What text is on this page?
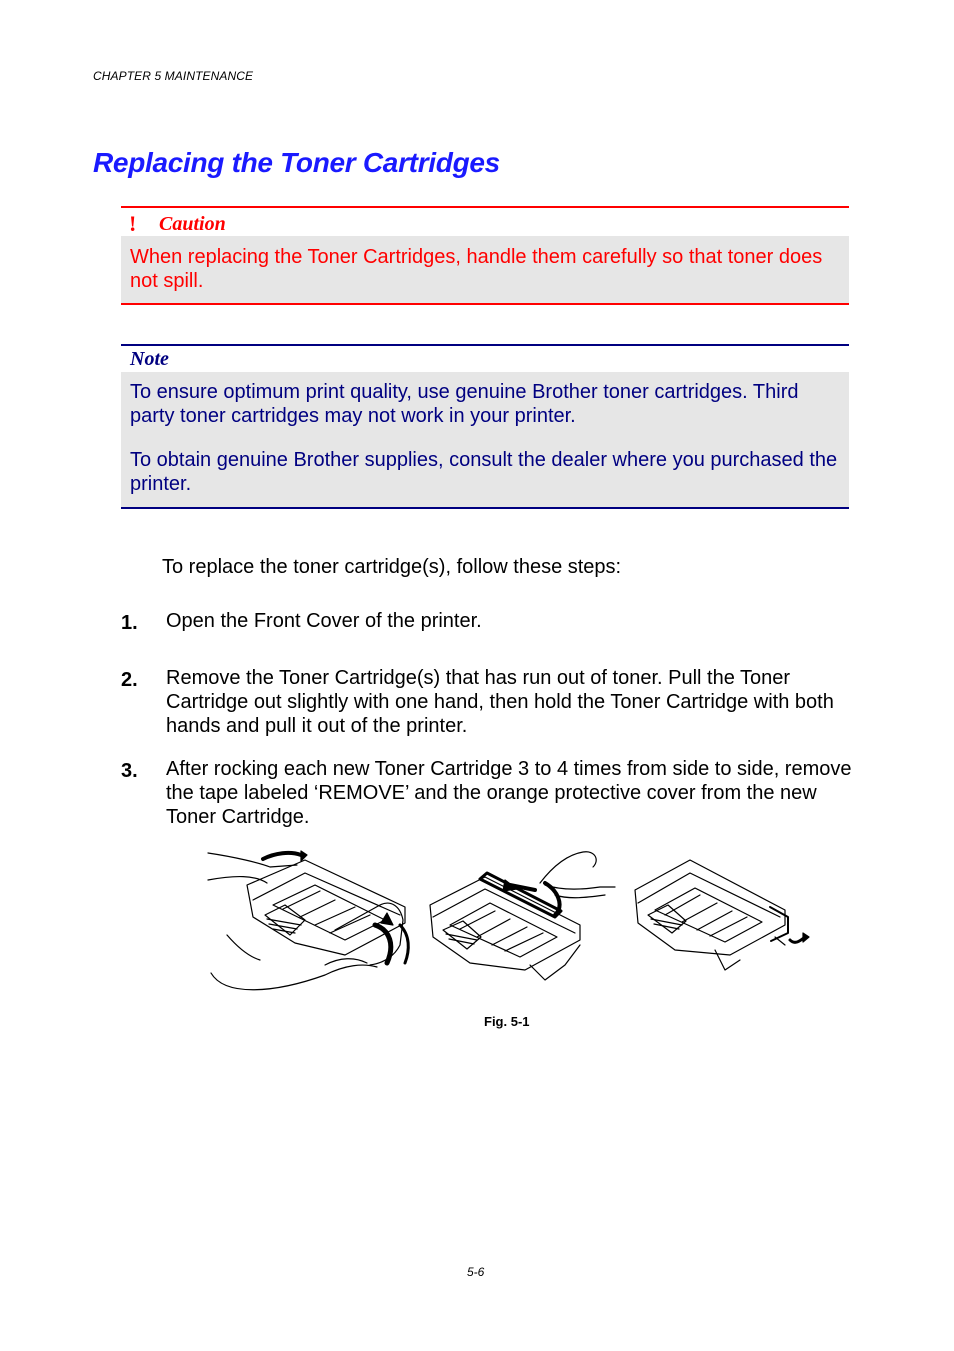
CHAPTER 5 MAINTENANCE
Replacing the Toner Cartridges
!	Caution
When replacing the Toner Cartridges, handle them carefully so that toner does not spill.
Note
To ensure optimum print quality, use genuine Brother toner cartridges. Third party toner cartridges may not work in your printer.
To obtain genuine Brother supplies, consult the dealer where you purchased the printer.
To replace the toner cartridge(s), follow these steps:
1. Open the Front Cover of the printer.
2. Remove the Toner Cartridge(s) that has run out of toner. Pull the Toner Cartridge out slightly with one hand, then hold the Toner Cartridge with both hands and pull it out of the printer.
3. After rocking each new Toner Cartridge 3 to 4 times from side to side, remove the tape labeled ‘REMOVE’ and the orange protective cover from the new Toner Cartridge.
Fig. 5-1
5-6
